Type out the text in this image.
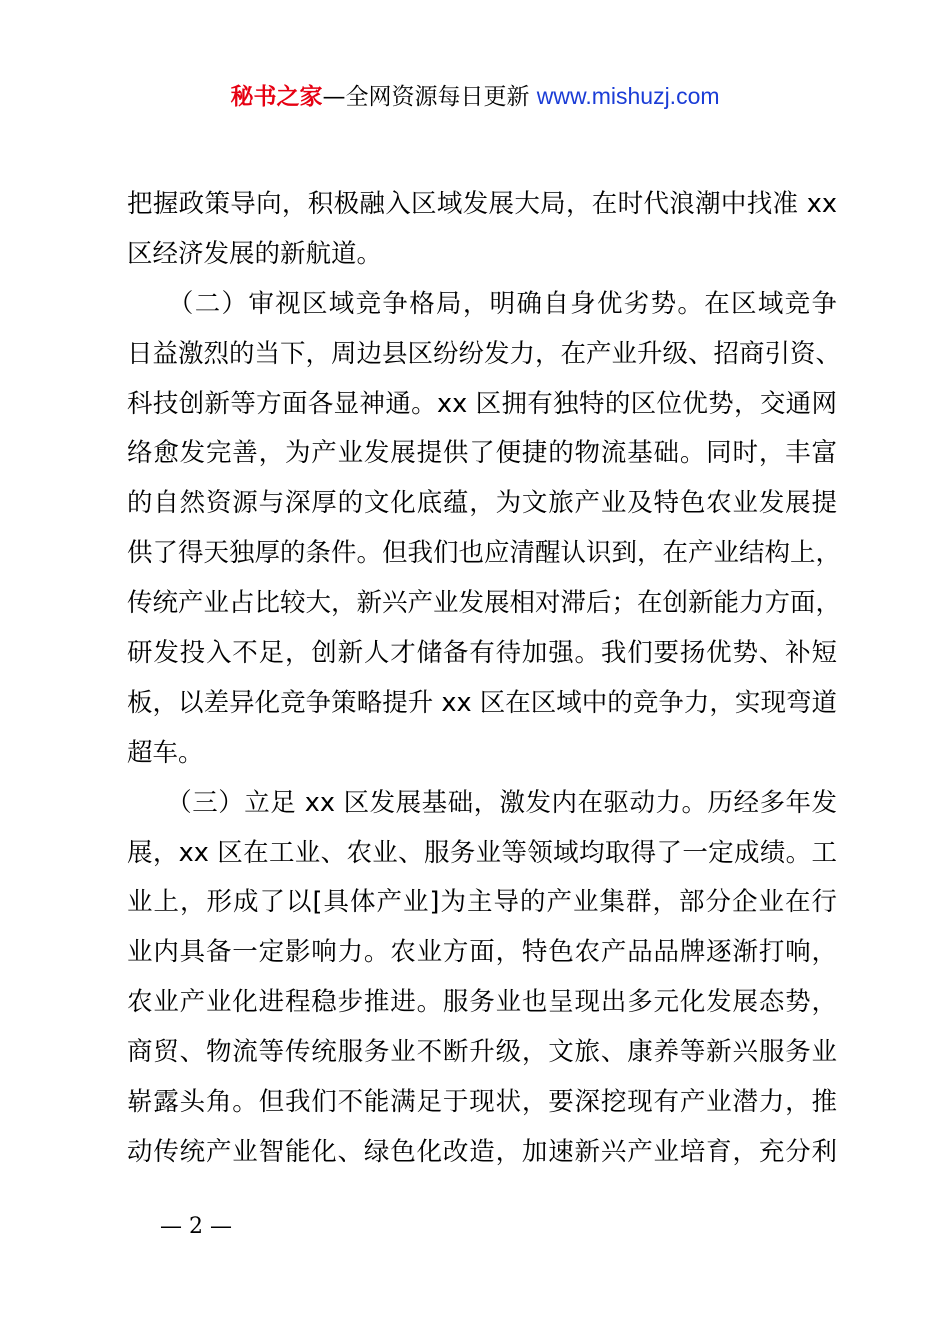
秘书之家—全网资源每日更新 www.mishuzj.com
把握政策导向，积极融入区域发展大局，在时代浪潮中找准 xx
区经济发展的新航道。
　　（二）审视区域竞争格局，明确自身优劣势。在区域竞争
日益激烈的当下，周边县区纷纷发力，在产业升级、招商引资、
科技创新等方面各显神通。xx 区拥有独特的区位优势，交通网
络愈发完善，为产业发展提供了便捷的物流基础。同时，丰富
的自然资源与深厚的文化底蕴，为文旅产业及特色农业发展提
供了得天独厚的条件。但我们也应清醒认识到，在产业结构上，
传统产业占比较大，新兴产业发展相对滞后；在创新能力方面，
研发投入不足，创新人才储备有待加强。我们要扬优势、补短
板，以差异化竞争策略提升 xx 区在区域中的竞争力，实现弯道
超车。
　　（三）立足 xx 区发展基础，激发内在驱动力。历经多年发
展，xx 区在工业、农业、服务业等领域均取得了一定成绩。工
业上，形成了以[具体产业]为主导的产业集群，部分企业在行
业内具备一定影响力。农业方面，特色农产品品牌逐渐打响，
农业产业化进程稳步推进。服务业也呈现出多元化发展态势，
商贸、物流等传统服务业不断升级，文旅、康养等新兴服务业
崭露头角。但我们不能满足于现状，要深挖现有产业潜力，推
动传统产业智能化、绿色化改造，加速新兴产业培育，充分利
— 2 —
